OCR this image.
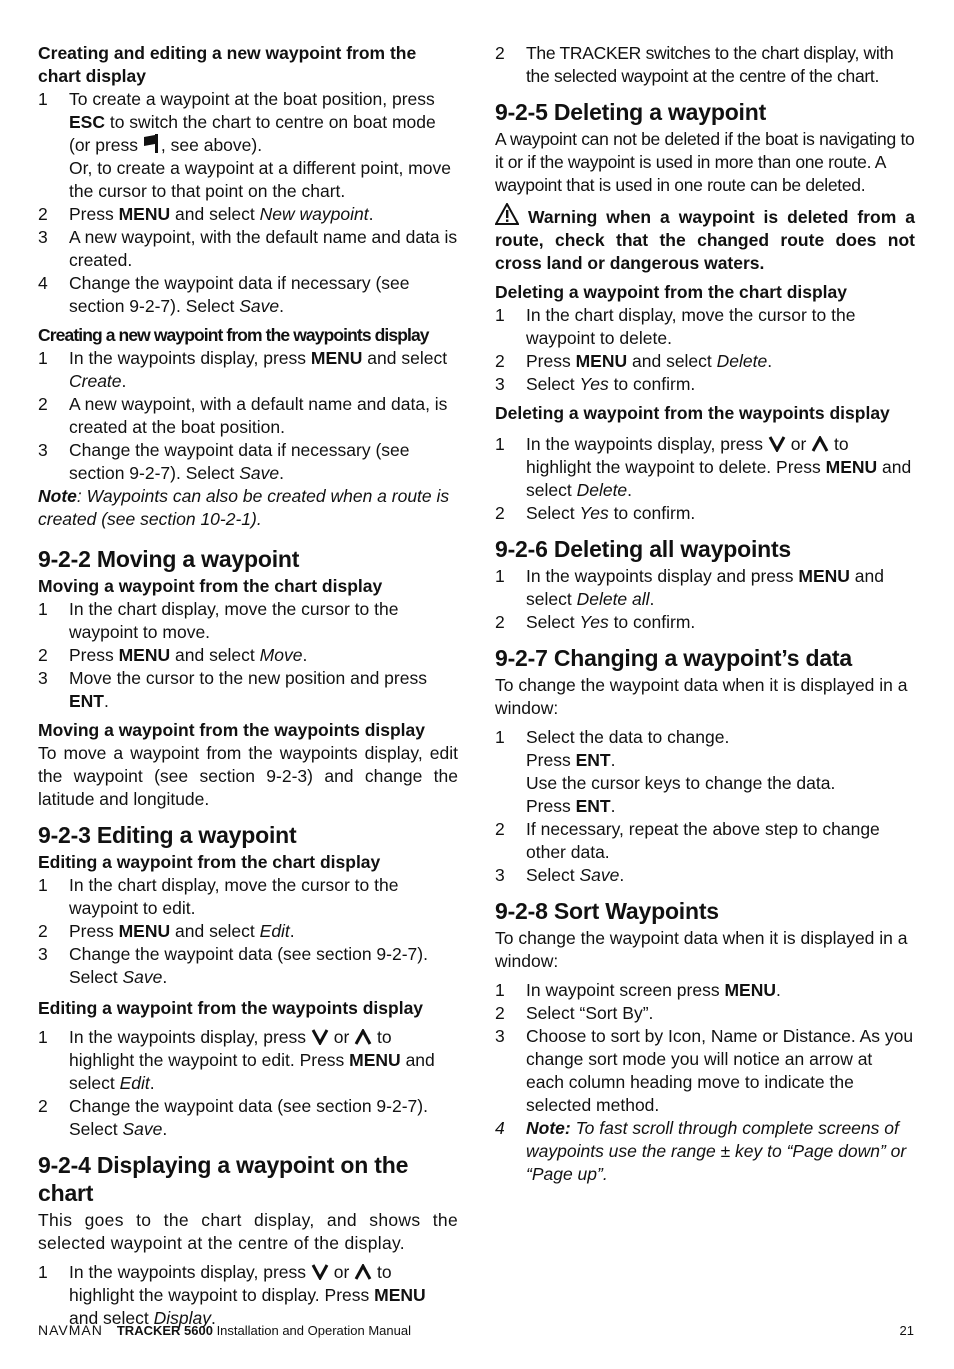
Creating and editing a new waypoint from the chart display
1	To create a waypoint at the boat position, press ESC to switch the chart to centre on boat mode (or press , see above).
Or, to create a waypoint at a different point, move the cursor to that point on the chart.
2	Press MENU and select New waypoint.
3	A new waypoint, with the default name and data is created.
4	Change the waypoint data if necessary (see section 9-2-7). Select Save.
Creating a new waypoint from the waypoints display
1	In the waypoints display, press MENU and select Create.
2	A new waypoint, with a default name and data, is created at the boat position.
3	Change the waypoint data if necessary (see section 9-2-7). Select Save.

Note: Waypoints can also be created when a route is created (see section 10-2-1).

9-2-2 Moving a waypoint
Moving a waypoint from the chart display
1	In the chart display, move the cursor to the waypoint to move.
2	Press MENU and select Move.
3	Move the cursor to the new position and press ENT.
Moving a waypoint from the waypoints display

To move a waypoint from the waypoints display, edit the waypoint (see section 9-2-3) and change the latitude and longitude.

9-2-3 Editing a waypoint
Editing a waypoint from the chart display
1	In the chart display, move the cursor to the waypoint to edit.
2	Press MENU and select Edit.
3	Change the waypoint data (see section 9-2-7). Select Save.
Editing a waypoint from the waypoints display
1	In the waypoints display, press  or  to highlight the waypoint to edit. Press MENU and select Edit.
2	Change the waypoint data (see section 9-2-7). Select Save.
9-2-4 Displaying a waypoint on the chart

This goes to the chart display, and shows the selected waypoint at the centre of the display.

1	In the waypoints display, press  or  to highlight the waypoint to display. Press MENU and select Display.
2	The TRACKER switches to the chart display, with the selected waypoint at the centre of the chart.
9-2-5 Deleting a waypoint

A waypoint can not be deleted if the boat is navigating to it or if the waypoint is used in more than one route. A waypoint that is used in one route can be deleted.

Warning when a waypoint is deleted from a route, check that the changed route does not cross land or dangerous waters.

Deleting a waypoint from the chart display
1	In the chart display, move the cursor to the waypoint to delete.
2	Press MENU and select Delete.
3	Select Yes to confirm.
Deleting a waypoint from the waypoints display
1	In the waypoints display, press  or  to highlight the waypoint to delete. Press MENU and select Delete.
2	Select Yes to confirm.
9-2-6 Deleting all waypoints
1	In the waypoints display and press MENU and select Delete all.
2	Select Yes to confirm.
9-2-7 Changing a waypoint’s data

To change the waypoint data when it is displayed in a window:

1	Select the data to change.
Press ENT.
Use the cursor keys to change the data.
Press ENT.
2	If necessary, repeat the above step to change other data.
3	Select Save.
9-2-8 Sort Waypoints

To change the waypoint data when it is displayed in a window:

1	In waypoint screen press MENU.
2	Select “Sort By”.
3	Choose to sort by Icon, Name or Distance. As you change sort mode you will notice an arrow at each column heading move to indicate the selected method.
4	Note: To fast scroll through complete screens of waypoints use the range ± key to “Page down” or “Page up”.
NAVMAN TRACKER 5600 Installation and Operation Manual	21
